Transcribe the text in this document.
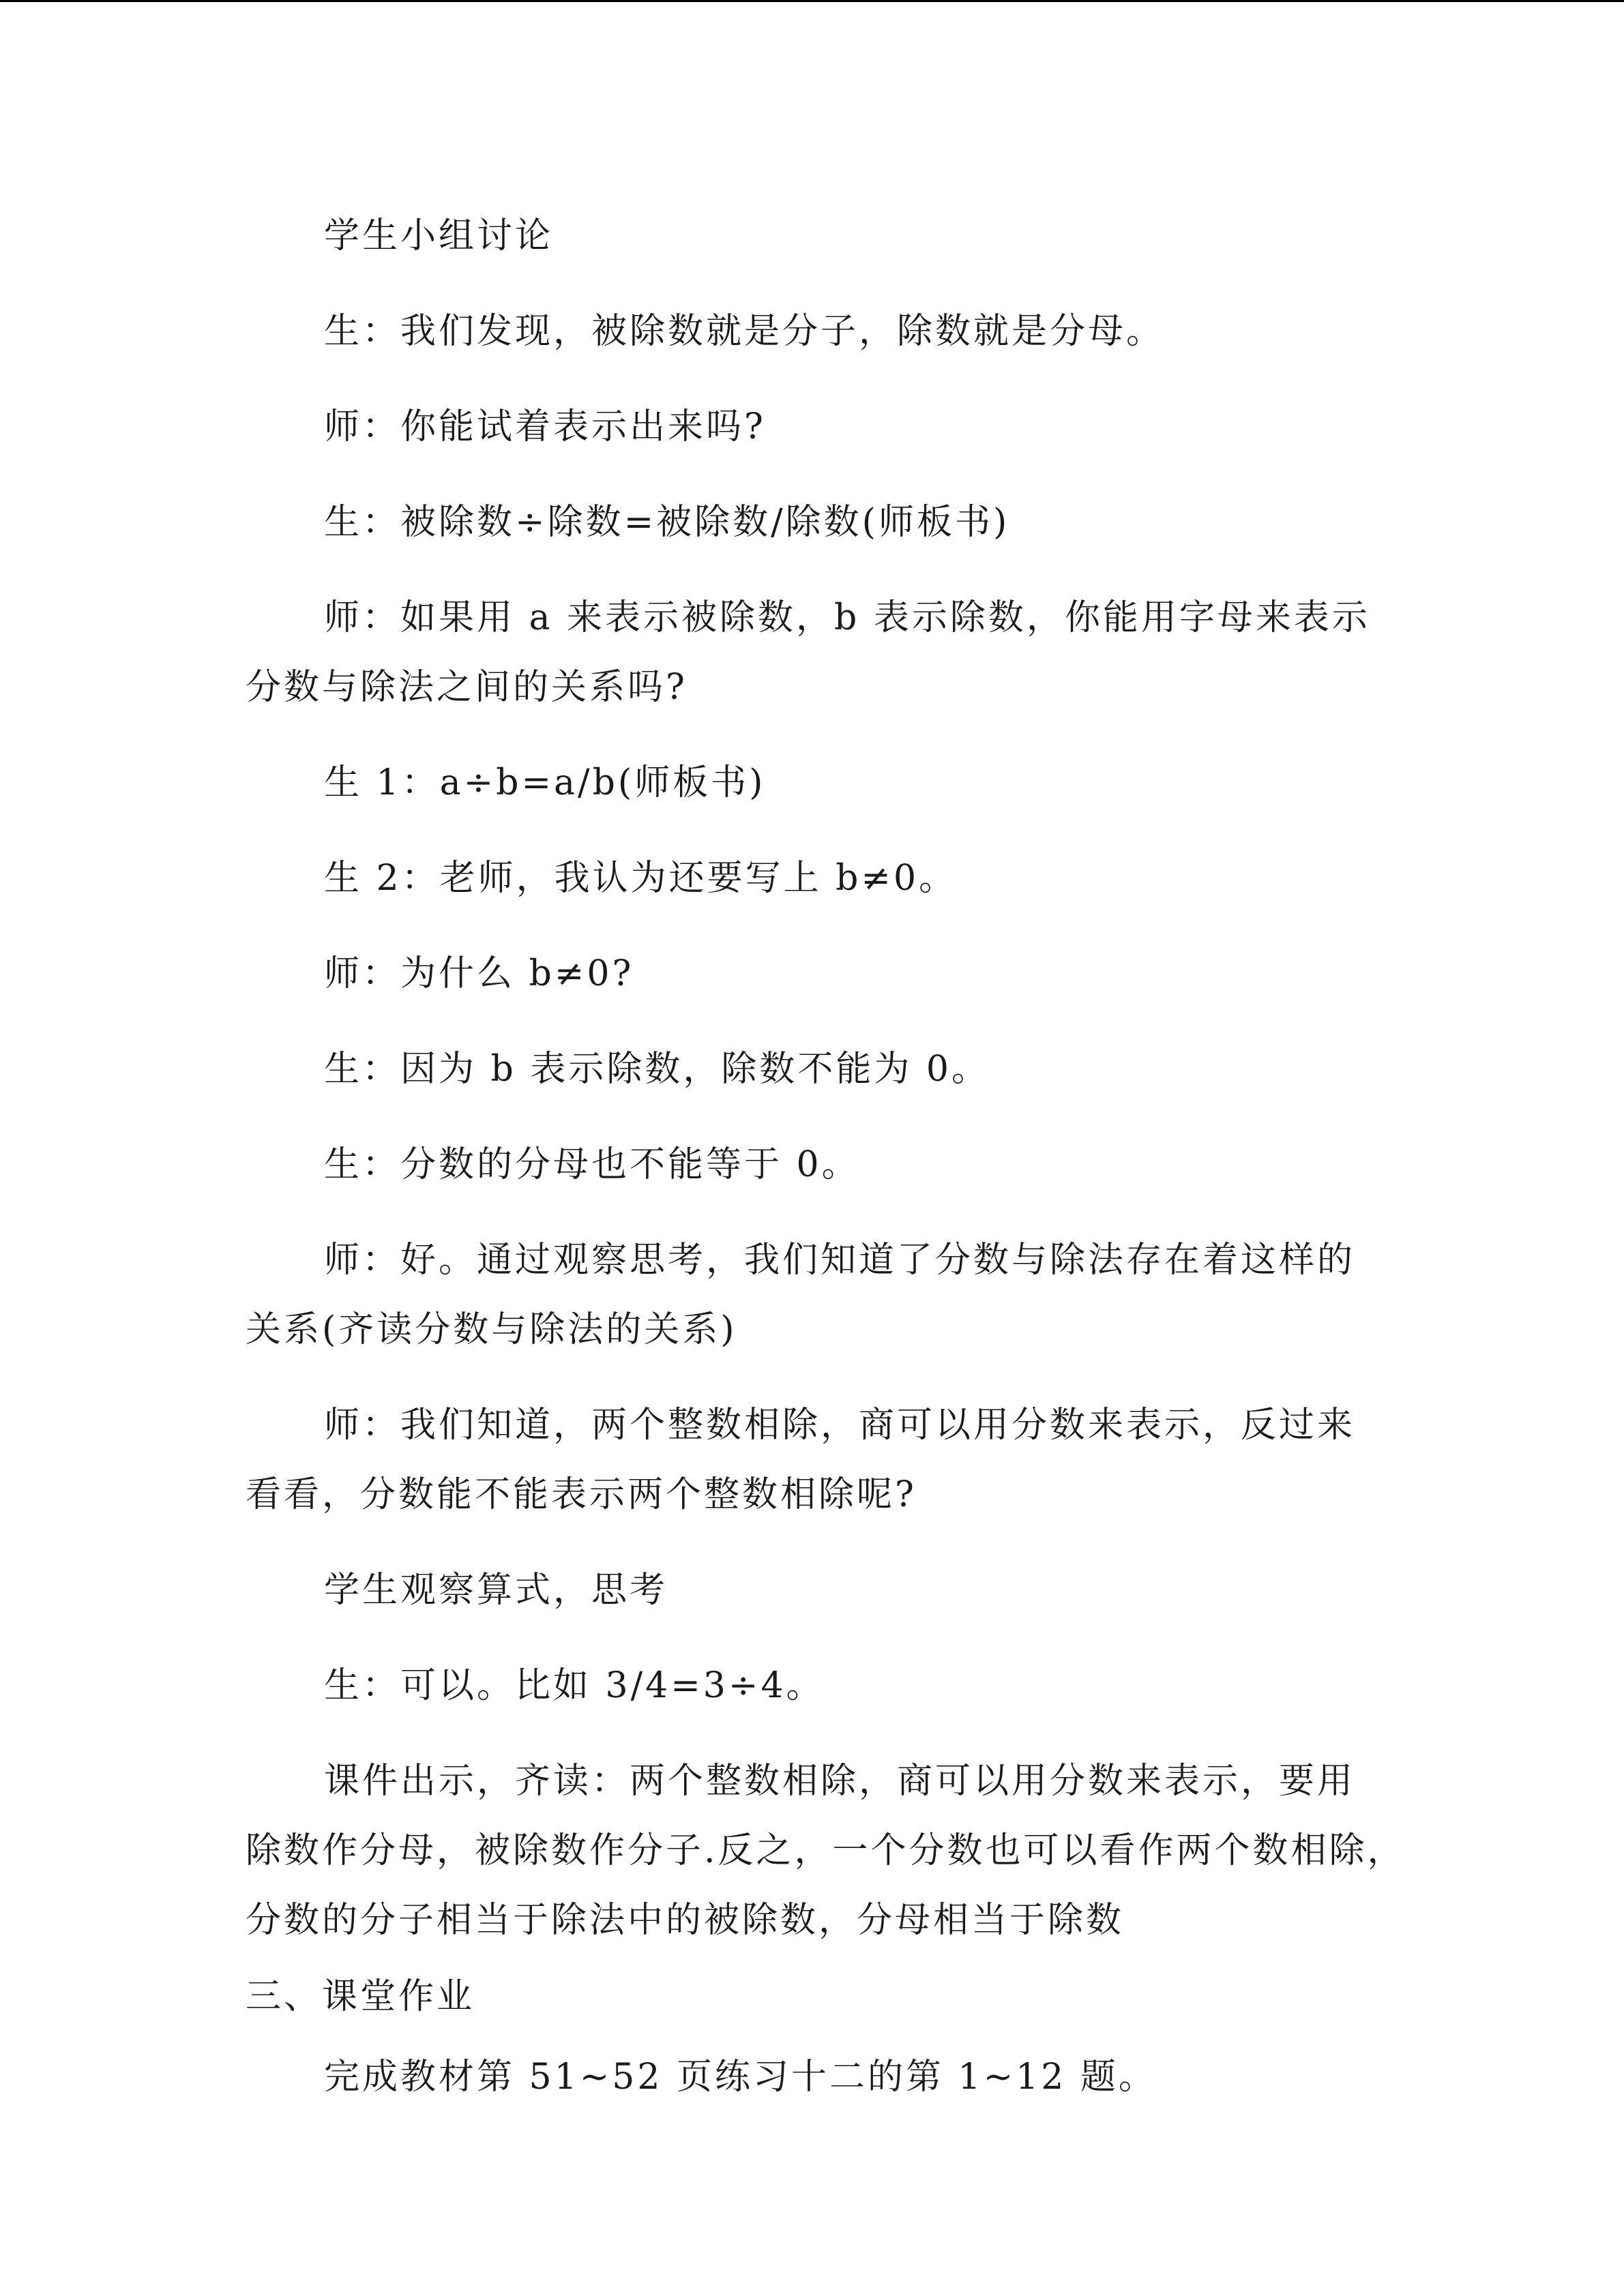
学生小组讨论

生：我们发现，被除数就是分子，除数就是分母。

师：你能试着表示出来吗?

生：被除数÷除数=被除数/除数(师板书)

师：如果用 a 来表示被除数，b 表示除数，你能用字母来表示

分数与除法之间的关系吗?

生 1：a÷b=a/b(师板书)

生 2：老师，我认为还要写上 b≠0。

师：为什么 b≠0?

生：因为 b 表示除数，除数不能为 0。

生：分数的分母也不能等于 0。

师：好。通过观察思考，我们知道了分数与除法存在着这样的

关系(齐读分数与除法的关系)

师：我们知道，两个整数相除，商可以用分数来表示，反过来

看看，分数能不能表示两个整数相除呢?

学生观察算式，思考

生：可以。比如 3/4=3÷4。

课件出示，齐读：两个整数相除，商可以用分数来表示，要用

除数作分母，被除数作分子.反之，一个分数也可以看作两个数相除，

分数的分子相当于除法中的被除数，分母相当于除数

三、课堂作业

完成教材第 51~52 页练习十二的第 1~12 题。
